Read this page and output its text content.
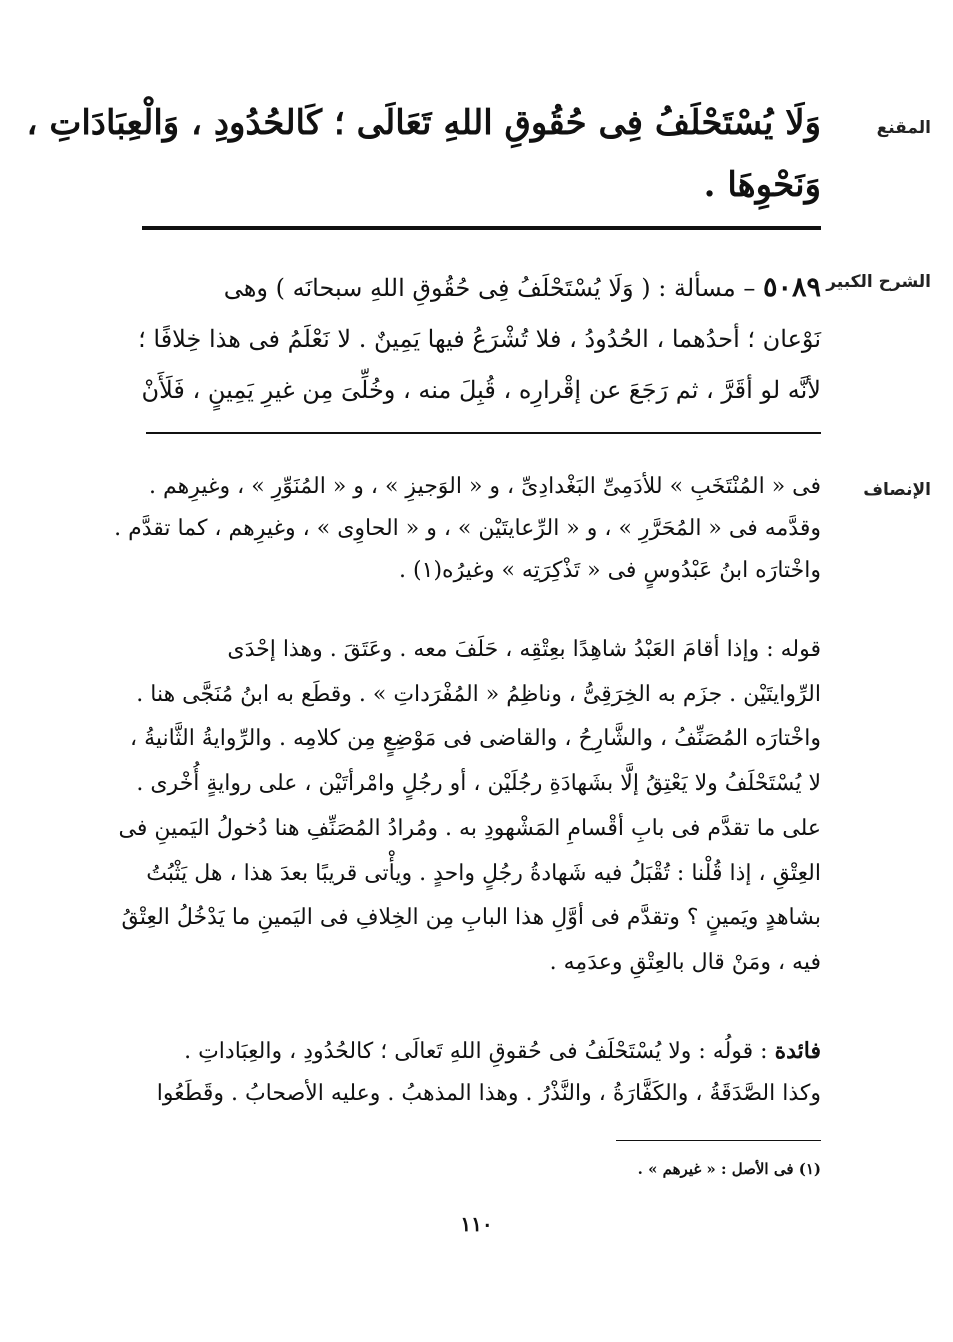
المقنع
وَلَا يُسْتَحْلَفُ فِى حُقُوقِ اللهِ تَعَالَى ؛ كَالحُدُودِ ، وَالْعِبَادَاتِ ،
وَنَحْوِهَا .
الشرح الكبير
٥٠٨٩ – مسألة : ( وَلَا يُسْتَحْلَفُ فِى حُقُوقِ اللهِ سبحانَه ) وهى
نَوْعان ؛ أحدُهما ، الحُدُودُ ، فلا تُشْرَعُ فيها يَمِينٌ . لا نَعْلَمُ فى هذا خِلافًا ؛
لأنَّه لو أقَرَّ ، ثم رَجَعَ عن إقْرارِه ، قُبِلَ منه ، وخُلِّىَ مِن غيرِ يَمِينٍ ، فَلَأَنْ
الإنصاف
فى « المُنْتَخَبِ » للأدَمِىِّ البَغْدادِىِّ ، و « الوَجيزِ » ، و « المُنَوِّرِ » ، وغيرِهم .
وقدَّمه فى « المُحَرَّرِ » ، و « الرِّعايتَيْن » ، و « الحاوِى » ، وغيرِهم ، كما تقدَّم .
واخْتارَه ابنُ عَبْدُوسٍ فى « تَذْكِرَتِه » وغيرُه(١) .
قوله : وإذا أقامَ العَبْدُ شاهِدًا بعِتْقِه ، حَلَفَ معه . وعَتَقَ . وهذا إحْدَى
الرِّوايتَيْن . جزَم به الخِرَقِىُّ ، وناظِمُ « المُفْرَداتِ » . وقطَع به ابنُ مُنَجَّى هنا .
واخْتارَه المُصَنِّفُ ، والشَّارِحُ ، والقاضى فى مَوْضِعٍ مِن كلامِه . والرِّوايةُ الثَّانيةُ ،
لا يُسْتَحْلَفُ ولا يَعْتِقُ إلَّا بشَهادَةِ رجُلَيْن ، أو رجُلٍ وامْرأتَيْن ، على روايةٍ أُخْرى .
على ما تقدَّم فى بابِ أقْسامِ المَشْهودِ به . ومُرادُ المُصَنِّفِ هنا دُخولُ اليَمينِ فى
العِتْقِ ، إذا قُلْنا : تُقْبَلُ فيه شَهادةُ رجُلٍ واحدٍ . ويأْتى قريبًا بعدَ هذا ، هل يَثْبُتُ
بشاهدٍ ويَمينٍ ؟ وتقدَّم فى أوَّلِ هذا البابِ مِن الخِلافِ فى اليَمينِ ما يَدْخُلُ العِتْقُ
فيه ، ومَنْ قال بالعِتْقِ وعدَمِه .
فائدة : قولُه : ولا يُسْتَحْلَفُ فى حُقوقِ اللهِ تَعالَى ؛ كالحُدُودِ ، والعِبَاداتِ .
وكذا الصَّدَقَةُ ، والكَفَّارَةُ ، والنَّذْرُ . وهذا المذهبُ . وعليه الأصحابُ . وقَطَعُوا
(١) فى الأصل : « غيرهم » .
١١٠
